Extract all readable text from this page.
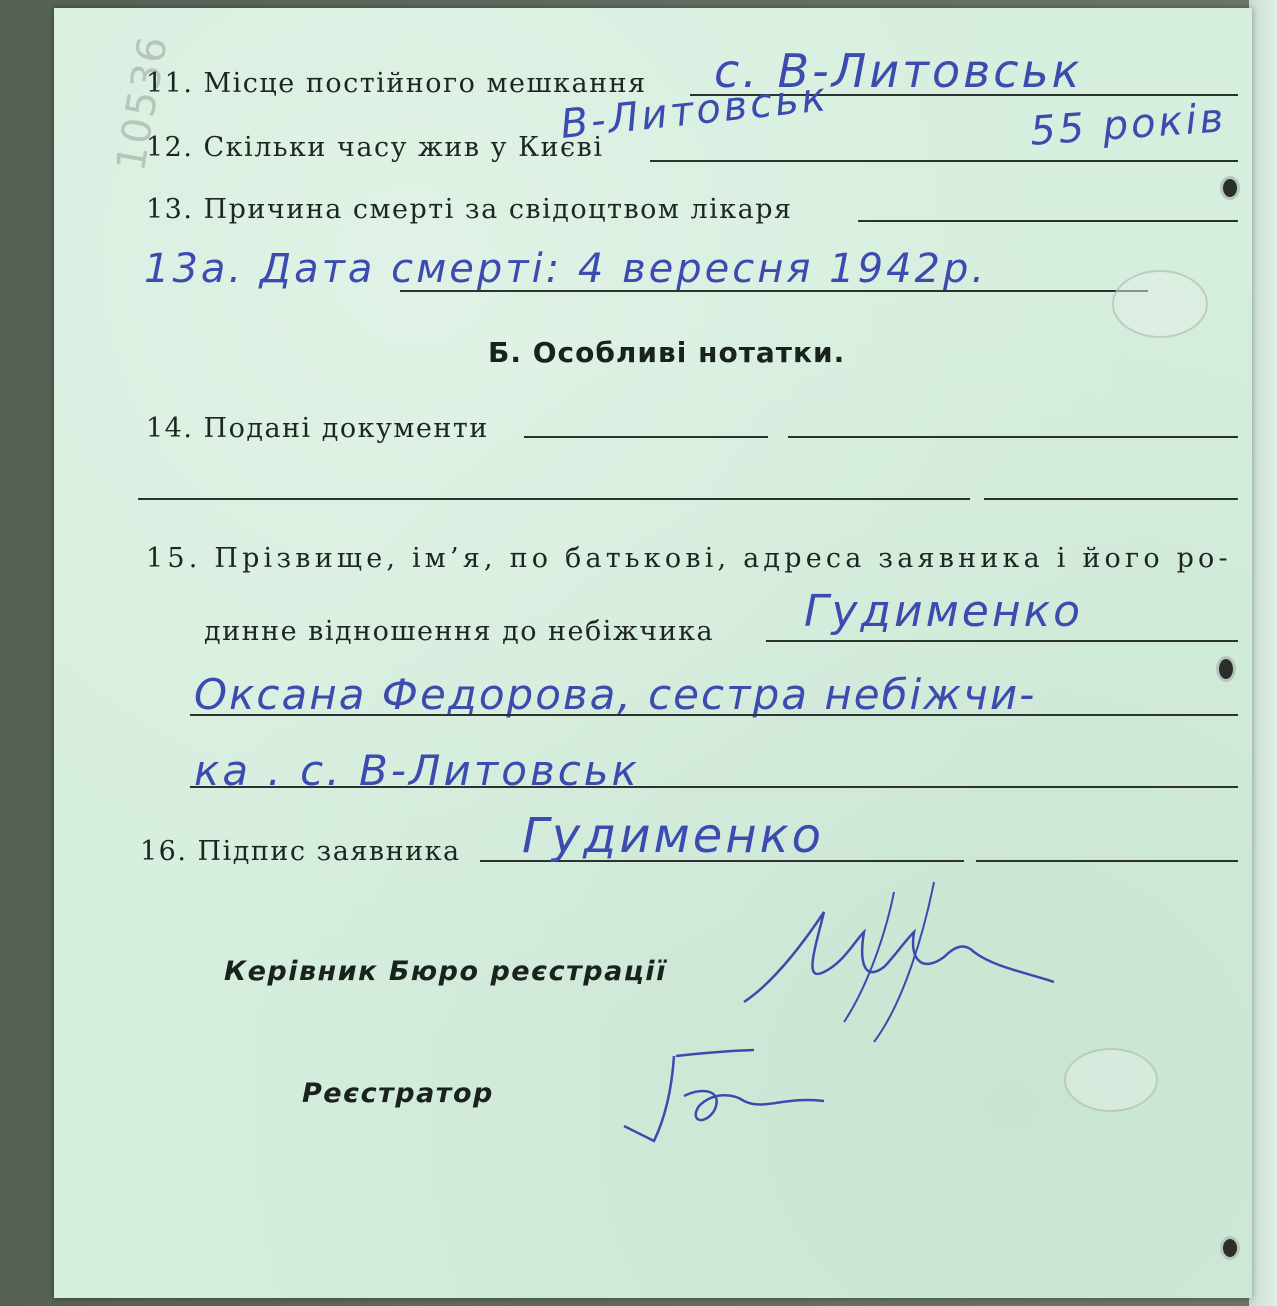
10536
11. Місце постійного мешкання с. В-Литовськ
12. Скільки часу жив у Києві
В-Литовськ	55 років
13. Причина смерті за свідоцтвом лікаря
13а. Дата смерті: 4 вересня 1942р.
Б. Особливі нотатки.
14. Подані документи
15. Прізвище, ім’я, по батькові, адреса заявника і його ро-
динне відношення до небіжчика Гудименко
Оксана Федорова, сестра небіжчи-
ка . с. В-Литовськ
16. Підпис заявника Гудименко
Керівник Бюро реєстрації
Реєстратор
